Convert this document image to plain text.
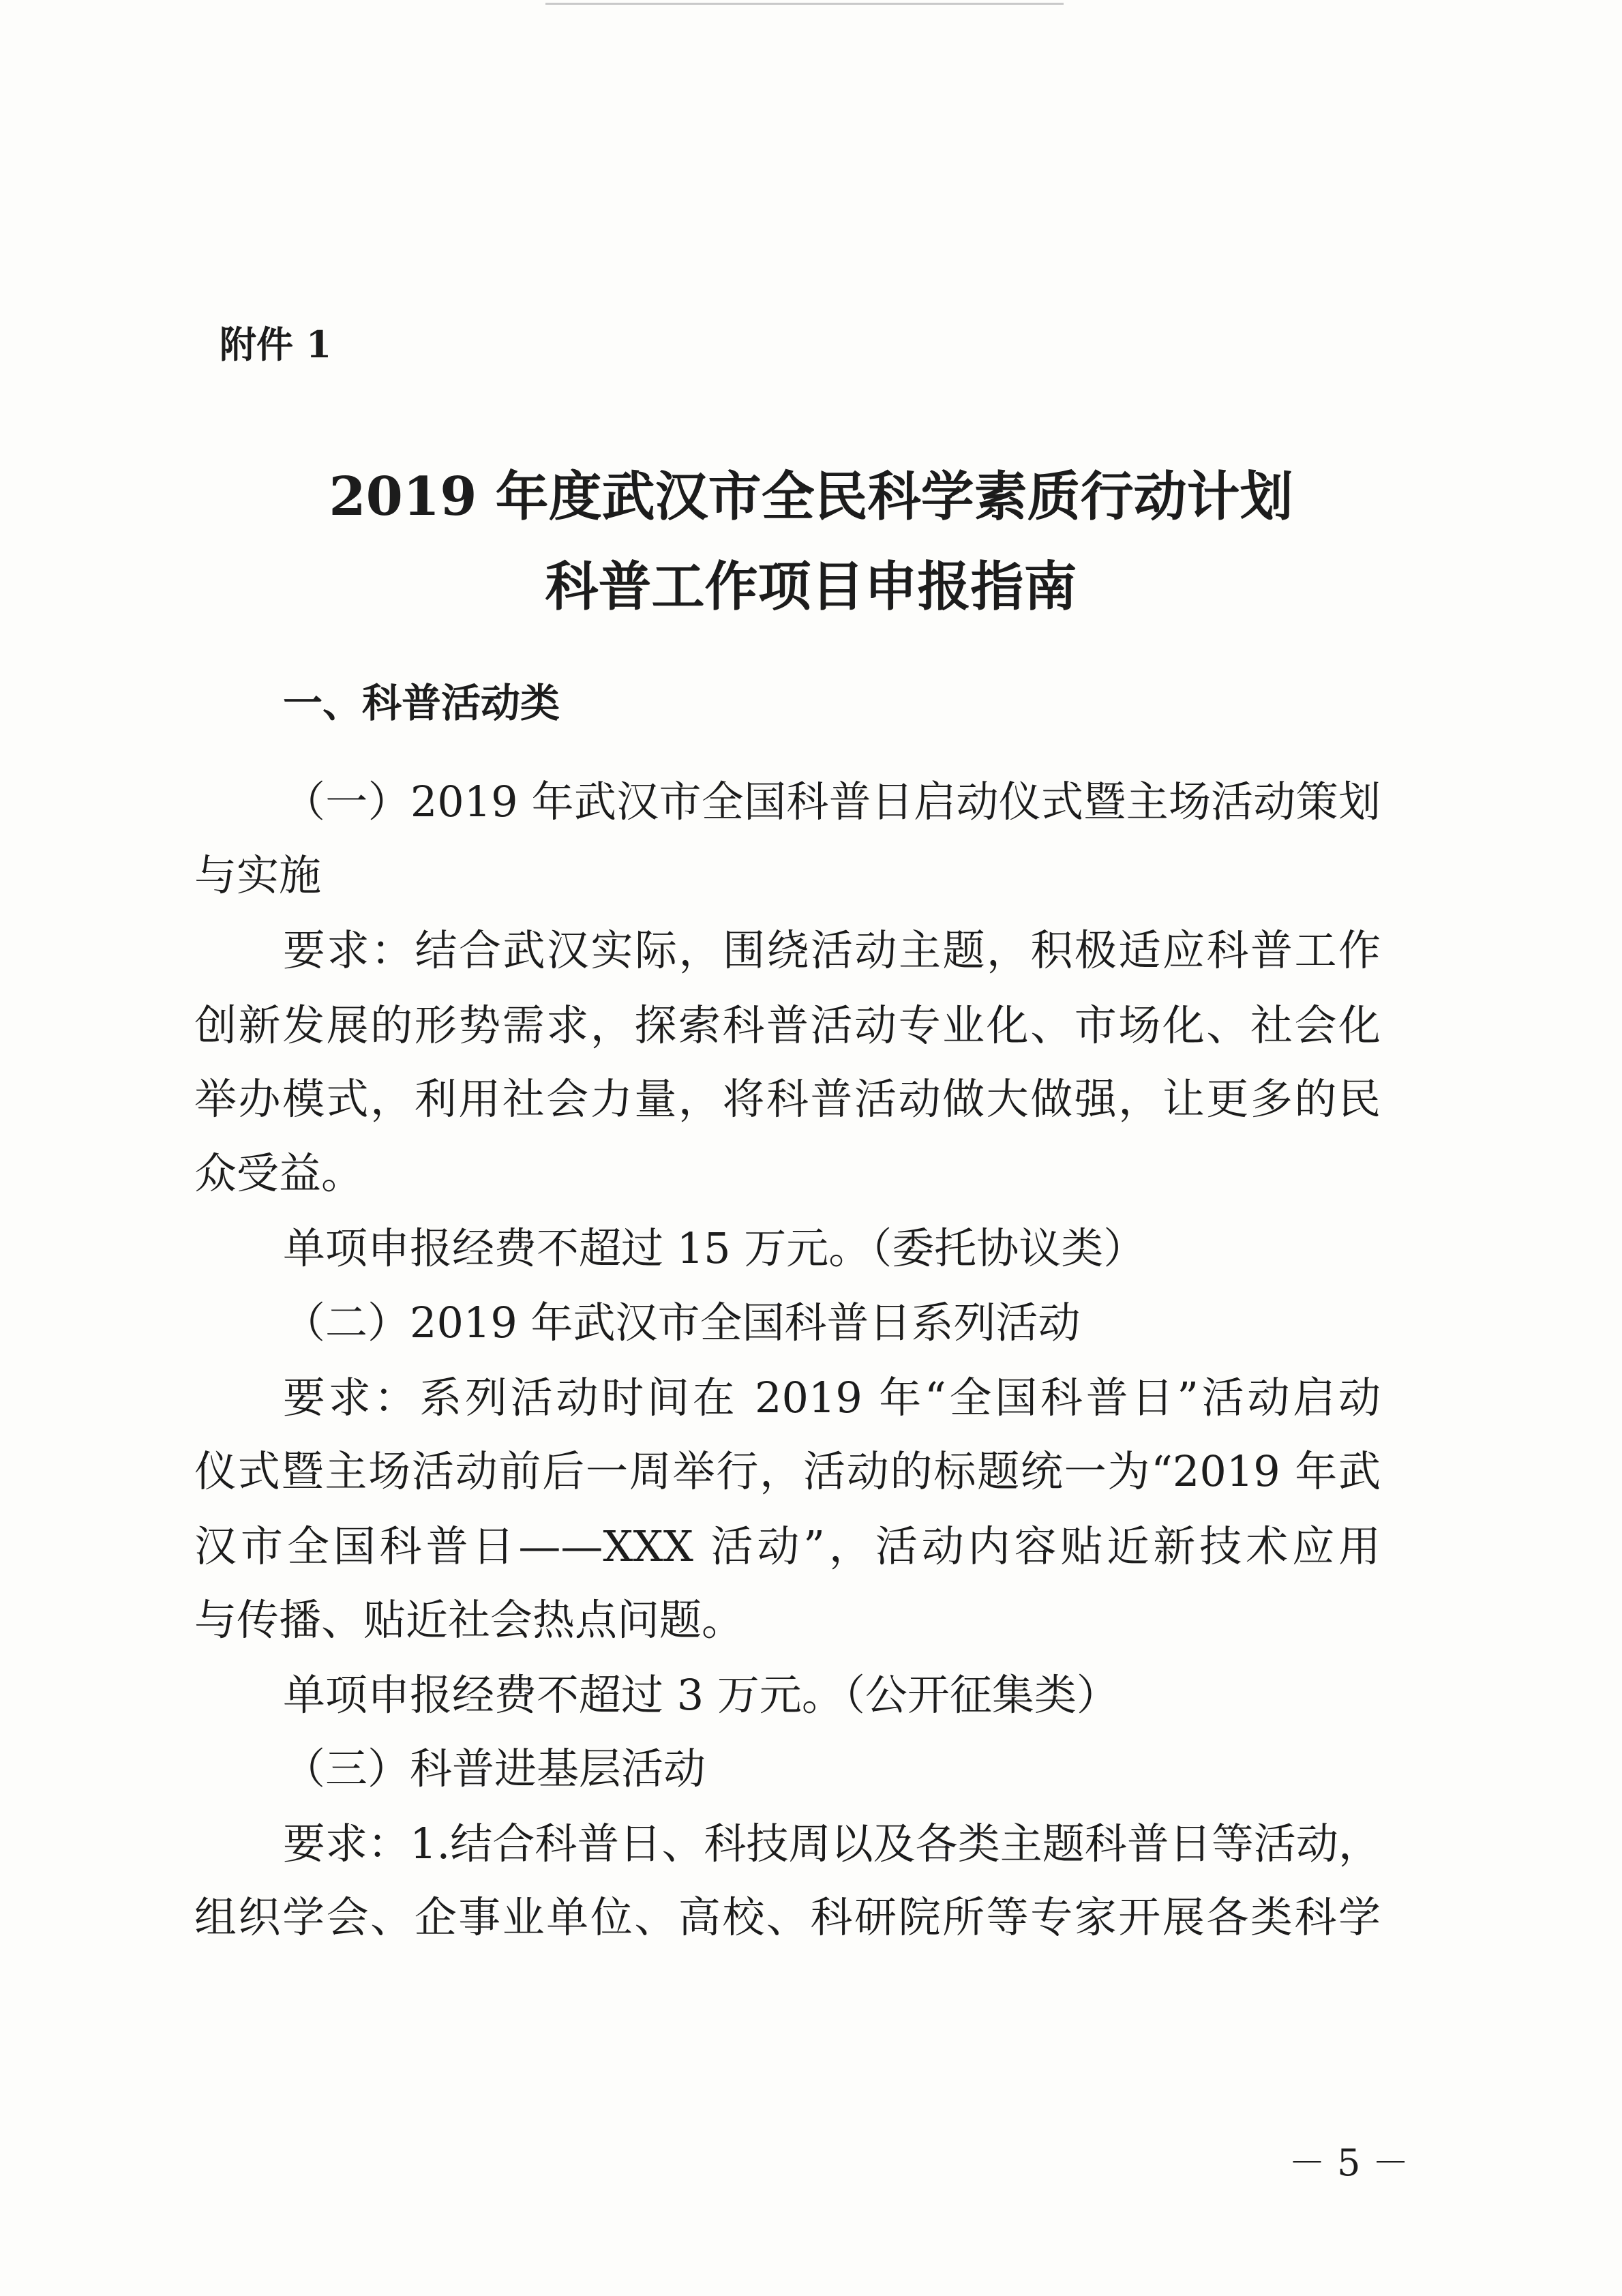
附件 1
2019 年度武汉市全民科学素质行动计划
科普工作项目申报指南
一、科普活动类
（一）2019 年武汉市全国科普日启动仪式暨主场活动策划
与实施
要求：结合武汉实际，围绕活动主题，积极适应科普工作
创新发展的形势需求，探索科普活动专业化、市场化、社会化
举办模式，利用社会力量，将科普活动做大做强，让更多的民
众受益。
单项申报经费不超过 15 万元。（委托协议类）
（二）2019 年武汉市全国科普日系列活动
要求：系列活动时间在 2019 年“全国科普日”活动启动
仪式暨主场活动前后一周举行，活动的标题统一为“2019 年武
汉市全国科普日——XXX 活动”，活动内容贴近新技术应用
与传播、贴近社会热点问题。
单项申报经费不超过 3 万元。（公开征集类）
（三）科普进基层活动
要求：1.结合科普日、科技周以及各类主题科普日等活动，
组织学会、企事业单位、高校、科研院所等专家开展各类科学
－ 5 －
